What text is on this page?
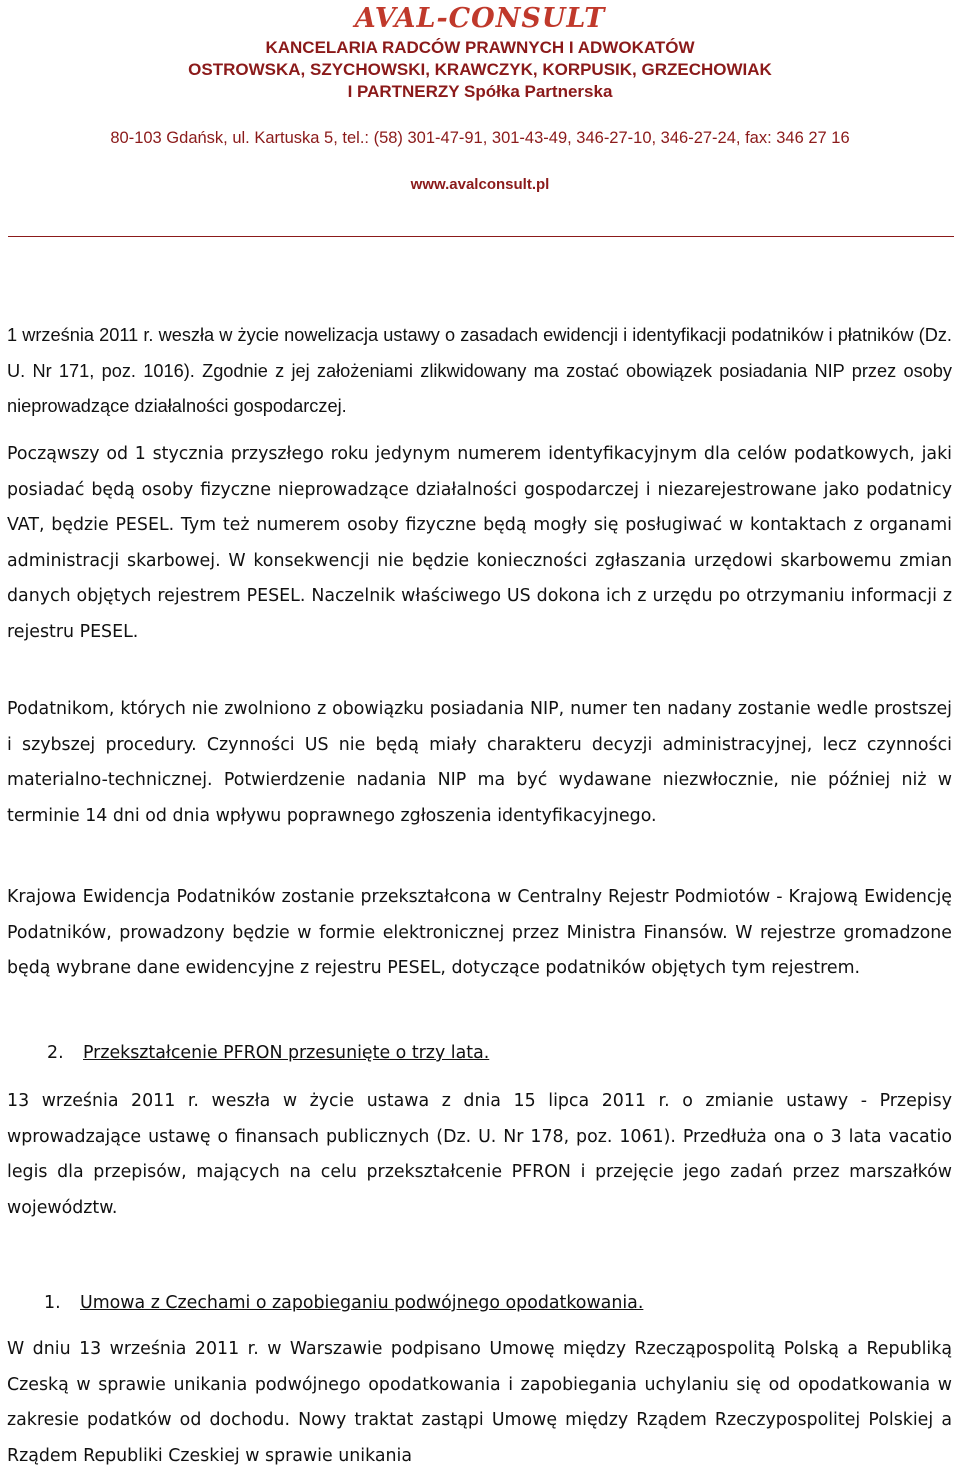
AVAL-CONSULT
KANCELARIA RADCÓW PRAWNYCH I ADWOKATÓW
OSTROWSKA, SZYCHOWSKI, KRAWCZYK, KORPUSIK, GRZECHOWIAK
I PARTNERZY Spółka Partnerska
80-103 Gdańsk, ul. Kartuska 5, tel.: (58) 301-47-91, 301-43-49, 346-27-10, 346-27-24, fax: 346 27 16
www.avalconsult.pl

1 września 2011 r. weszła w życie nowelizacja ustawy o zasadach ewidencji i identyfikacji podatników i płatników (Dz. U. Nr 171, poz. 1016). Zgodnie z jej założeniami zlikwidowany ma zostać obowiązek posiadania NIP przez osoby nieprowadzące działalności gospodarczej.

Począwszy od 1 stycznia przyszłego roku jedynym numerem identyfikacyjnym dla celów podatkowych, jaki posiadać będą osoby fizyczne nieprowadzące działalności gospodarczej i niezarejestrowane jako podatnicy VAT, będzie PESEL. Tym też numerem osoby fizyczne będą mogły się posługiwać w kontaktach z organami administracji skarbowej. W konsekwencji nie będzie konieczności zgłaszania urzędowi skarbowemu zmian danych objętych rejestrem PESEL. Naczelnik właściwego US dokona ich z urzędu po otrzymaniu informacji z rejestru PESEL.

Podatnikom, których nie zwolniono z obowiązku posiadania NIP, numer ten nadany zostanie wedle prostszej i szybszej procedury. Czynności US nie będą miały charakteru decyzji administracyjnej, lecz czynności materialno-technicznej. Potwierdzenie nadania NIP ma być wydawane niezwłocznie, nie później niż w terminie 14 dni od dnia wpływu poprawnego zgłoszenia identyfikacyjnego.

Krajowa Ewidencja Podatników zostanie przekształcona w Centralny Rejestr Podmiotów - Krajową Ewidencję Podatników, prowadzony będzie w formie elektronicznej przez Ministra Finansów. W rejestrze gromadzone będą wybrane dane ewidencyjne z rejestru PESEL, dotyczące podatników objętych tym rejestrem.

2. Przekształcenie PFRON przesunięte o trzy lata.

13 września 2011 r. weszła w życie ustawa z dnia 15 lipca 2011 r. o zmianie ustawy - Przepisy wprowadzające ustawę o finansach publicznych (Dz. U. Nr 178, poz. 1061). Przedłuża ona o 3 lata vacatio legis dla przepisów, mających na celu przekształcenie PFRON i przejęcie jego zadań przez marszałków województw.

1. Umowa z Czechami o zapobieganiu podwójnego opodatkowania.

W dniu 13 września 2011 r. w Warszawie podpisano Umowę między Rzecząpospolitą Polską a Republiką Czeską w sprawie unikania podwójnego opodatkowania i zapobiegania uchylaniu się od opodatkowania w zakresie podatków od dochodu. Nowy traktat zastąpi Umowę między Rządem Rzeczypospolitej Polskiej a Rządem Republiki Czeskiej w sprawie unikania
